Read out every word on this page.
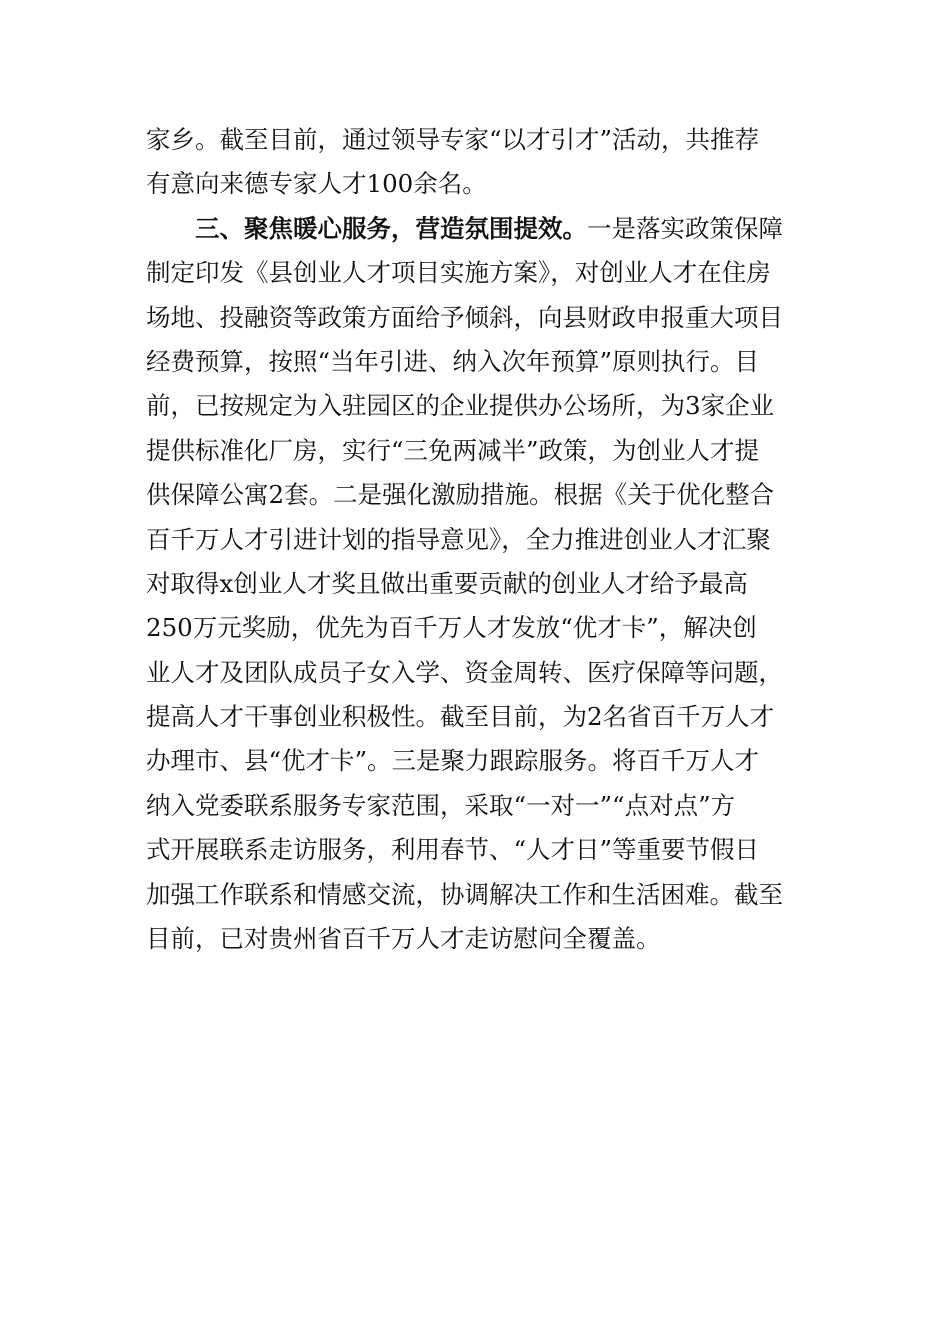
家乡。截至目前，通过领导专家“以才引才”活动，共推荐
有意向来德专家人才100余名。
三、聚焦暖心服务，营造氛围提效。一是落实政策保障
制定印发《县创业人才项目实施方案》，对创业人才在住房
场地、投融资等政策方面给予倾斜，向县财政申报重大项目
经费预算，按照“当年引进、纳入次年预算”原则执行。目
前，已按规定为入驻园区的企业提供办公场所，为3家企业
提供标准化厂房，实行“三免两减半”政策，为创业人才提
供保障公寓2套。二是强化激励措施。根据《关于优化整合
百千万人才引进计划的指导意见》，全力推进创业人才汇聚
对取得x创业人才奖且做出重要贡献的创业人才给予最高
250万元奖励，优先为百千万人才发放“优才卡”，解决创
业人才及团队成员子女入学、资金周转、医疗保障等问题，
提高人才干事创业积极性。截至目前，为2名省百千万人才
办理市、县“优才卡”。三是聚力跟踪服务。将百千万人才
纳入党委联系服务专家范围，采取“一对一”“点对点”方
式开展联系走访服务，利用春节、“人才日”等重要节假日
加强工作联系和情感交流，协调解决工作和生活困难。截至
目前，已对贵州省百千万人才走访慰问全覆盖。
